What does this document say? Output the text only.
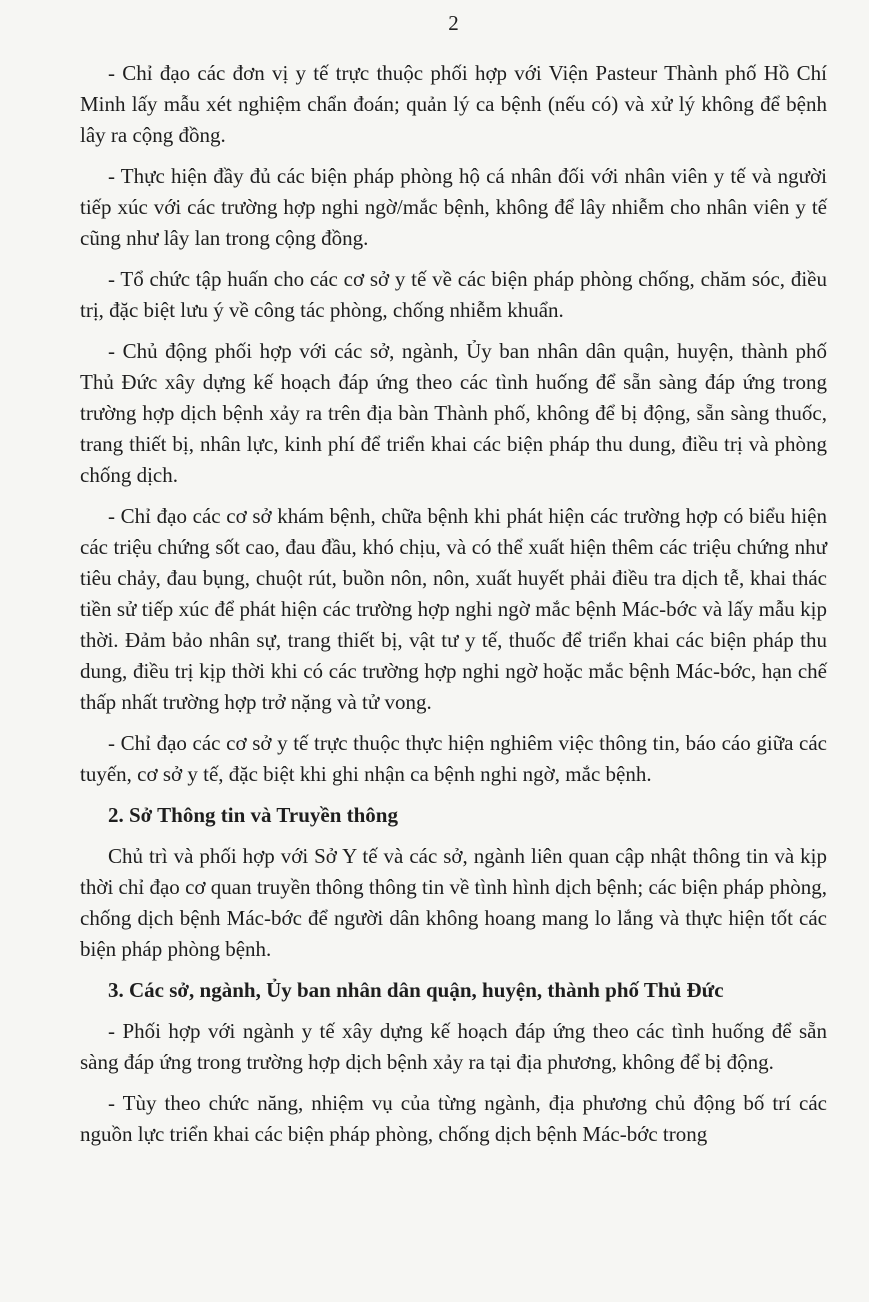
2

- Chỉ đạo các đơn vị y tế trực thuộc phối hợp với Viện Pasteur Thành phố Hồ Chí Minh lấy mẫu xét nghiệm chẩn đoán; quản lý ca bệnh (nếu có) và xử lý không để bệnh lây ra cộng đồng.

- Thực hiện đầy đủ các biện pháp phòng hộ cá nhân đối với nhân viên y tế và người tiếp xúc với các trường hợp nghi ngờ/mắc bệnh, không để lây nhiễm cho nhân viên y tế cũng như lây lan trong cộng đồng.

- Tổ chức tập huấn cho các cơ sở y tế về các biện pháp phòng chống, chăm sóc, điều trị, đặc biệt lưu ý về công tác phòng, chống nhiễm khuẩn.

- Chủ động phối hợp với các sở, ngành, Ủy ban nhân dân quận, huyện, thành phố Thủ Đức xây dựng kế hoạch đáp ứng theo các tình huống để sẵn sàng đáp ứng trong trường hợp dịch bệnh xảy ra trên địa bàn Thành phố, không để bị động, sẵn sàng thuốc, trang thiết bị, nhân lực, kinh phí để triển khai các biện pháp thu dung, điều trị và phòng chống dịch.

- Chỉ đạo các cơ sở khám bệnh, chữa bệnh khi phát hiện các trường hợp có biểu hiện các triệu chứng sốt cao, đau đầu, khó chịu, và có thể xuất hiện thêm các triệu chứng như tiêu chảy, đau bụng, chuột rút, buồn nôn, nôn, xuất huyết phải điều tra dịch tễ, khai thác tiền sử tiếp xúc để phát hiện các trường hợp nghi ngờ mắc bệnh Mác-bớc và lấy mẫu kịp thời. Đảm bảo nhân sự, trang thiết bị, vật tư y tế, thuốc để triển khai các biện pháp thu dung, điều trị kịp thời khi có các trường hợp nghi ngờ hoặc mắc bệnh Mác-bớc, hạn chế thấp nhất trường hợp trở nặng và tử vong.

- Chỉ đạo các cơ sở y tế trực thuộc thực hiện nghiêm việc thông tin, báo cáo giữa các tuyến, cơ sở y tế, đặc biệt khi ghi nhận ca bệnh nghi ngờ, mắc bệnh.

2. Sở Thông tin và Truyền thông

Chủ trì và phối hợp với Sở Y tế và các sở, ngành liên quan cập nhật thông tin và kịp thời chỉ đạo cơ quan truyền thông thông tin về tình hình dịch bệnh; các biện pháp phòng, chống dịch bệnh Mác-bớc để người dân không hoang mang lo lắng và thực hiện tốt các biện pháp phòng bệnh.

3. Các sở, ngành, Ủy ban nhân dân quận, huyện, thành phố Thủ Đức

- Phối hợp với ngành y tế xây dựng kế hoạch đáp ứng theo các tình huống để sẵn sàng đáp ứng trong trường hợp dịch bệnh xảy ra tại địa phương, không để bị động.

- Tùy theo chức năng, nhiệm vụ của từng ngành, địa phương chủ động bố trí các nguồn lực triển khai các biện pháp phòng, chống dịch bệnh Mác-bớc trong
